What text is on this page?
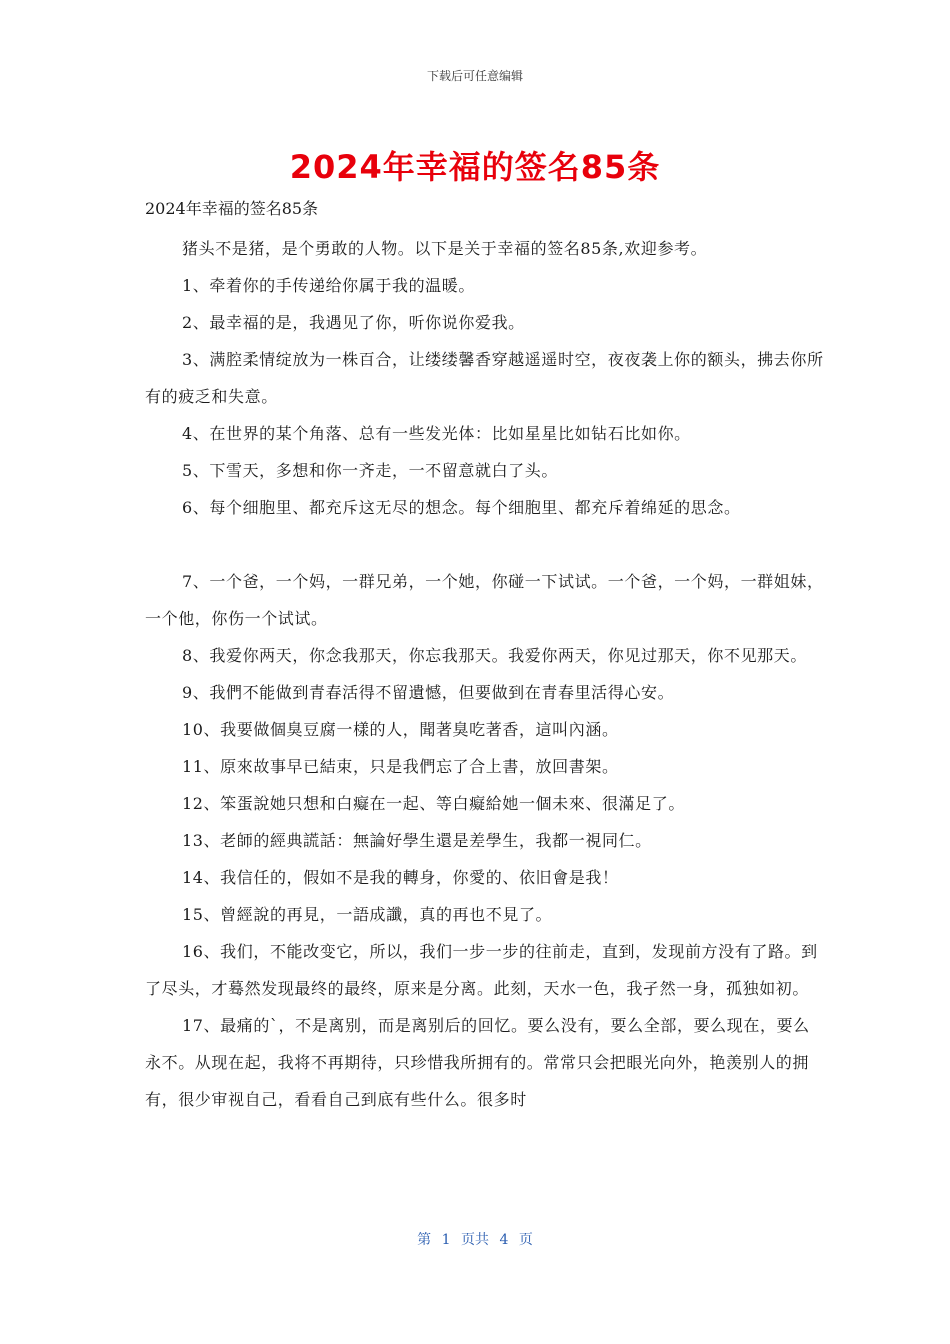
下载后可任意编辑
2024年幸福的签名85条
2024年幸福的签名85条

猪头不是猪，是个勇敢的人物。以下是关于幸福的签名85条,欢迎参考。

1、牵着你的手传递给你属于我的温暖。

2、最幸福的是，我遇见了你，听你说你爱我。

3、满腔柔情绽放为一株百合，让缕缕馨香穿越遥遥时空，夜夜袭上你的额头，拂去你所有的疲乏和失意。

4、在世界的某个角落、总有一些发光体：比如星星比如钻石比如你。

5、下雪天，多想和你一齐走，一不留意就白了头。

6、每个细胞里、都充斥这无尽的想念。每个细胞里、都充斥着绵延的思念。

7、一个爸，一个妈，一群兄弟，一个她，你碰一下试试。一个爸，一个妈，一群姐妹，一个他，你伤一个试试。

8、我爱你两天，你念我那天，你忘我那天。我爱你两天，你见过那天，你不见那天。

9、我們不能做到青春活得不留遺憾，但要做到在青春里活得心安。

10、我要做個臭豆腐一樣的人，聞著臭吃著香，這叫內涵。

11、原來故事早已結束，只是我們忘了合上書，放回書架。

12、笨蛋說她只想和白癡在一起、等白癡給她一個未來、很滿足了。

13、老師的經典謊話：無論好學生還是差學生，我都一視同仁。

14、我信任的，假如不是我的轉身，你愛的、依旧會是我！

15、曾經說的再見，一語成讖，真的再也不見了。

16、我们，不能改变它，所以，我们一步一步的往前走，直到，发现前方没有了路。到了尽头，才蓦然发现最终的最终，原来是分离。此刻，天水一色，我孑然一身，孤独如初。

17、最痛的`，不是离别，而是离别后的回忆。要么没有，要么全部，要么现在，要么永不。从现在起，我将不再期待，只珍惜我所拥有的。常常只会把眼光向外，艳羡别人的拥有，很少审视自己，看看自己到底有些什么。很多时

第 1 页共 4 页
